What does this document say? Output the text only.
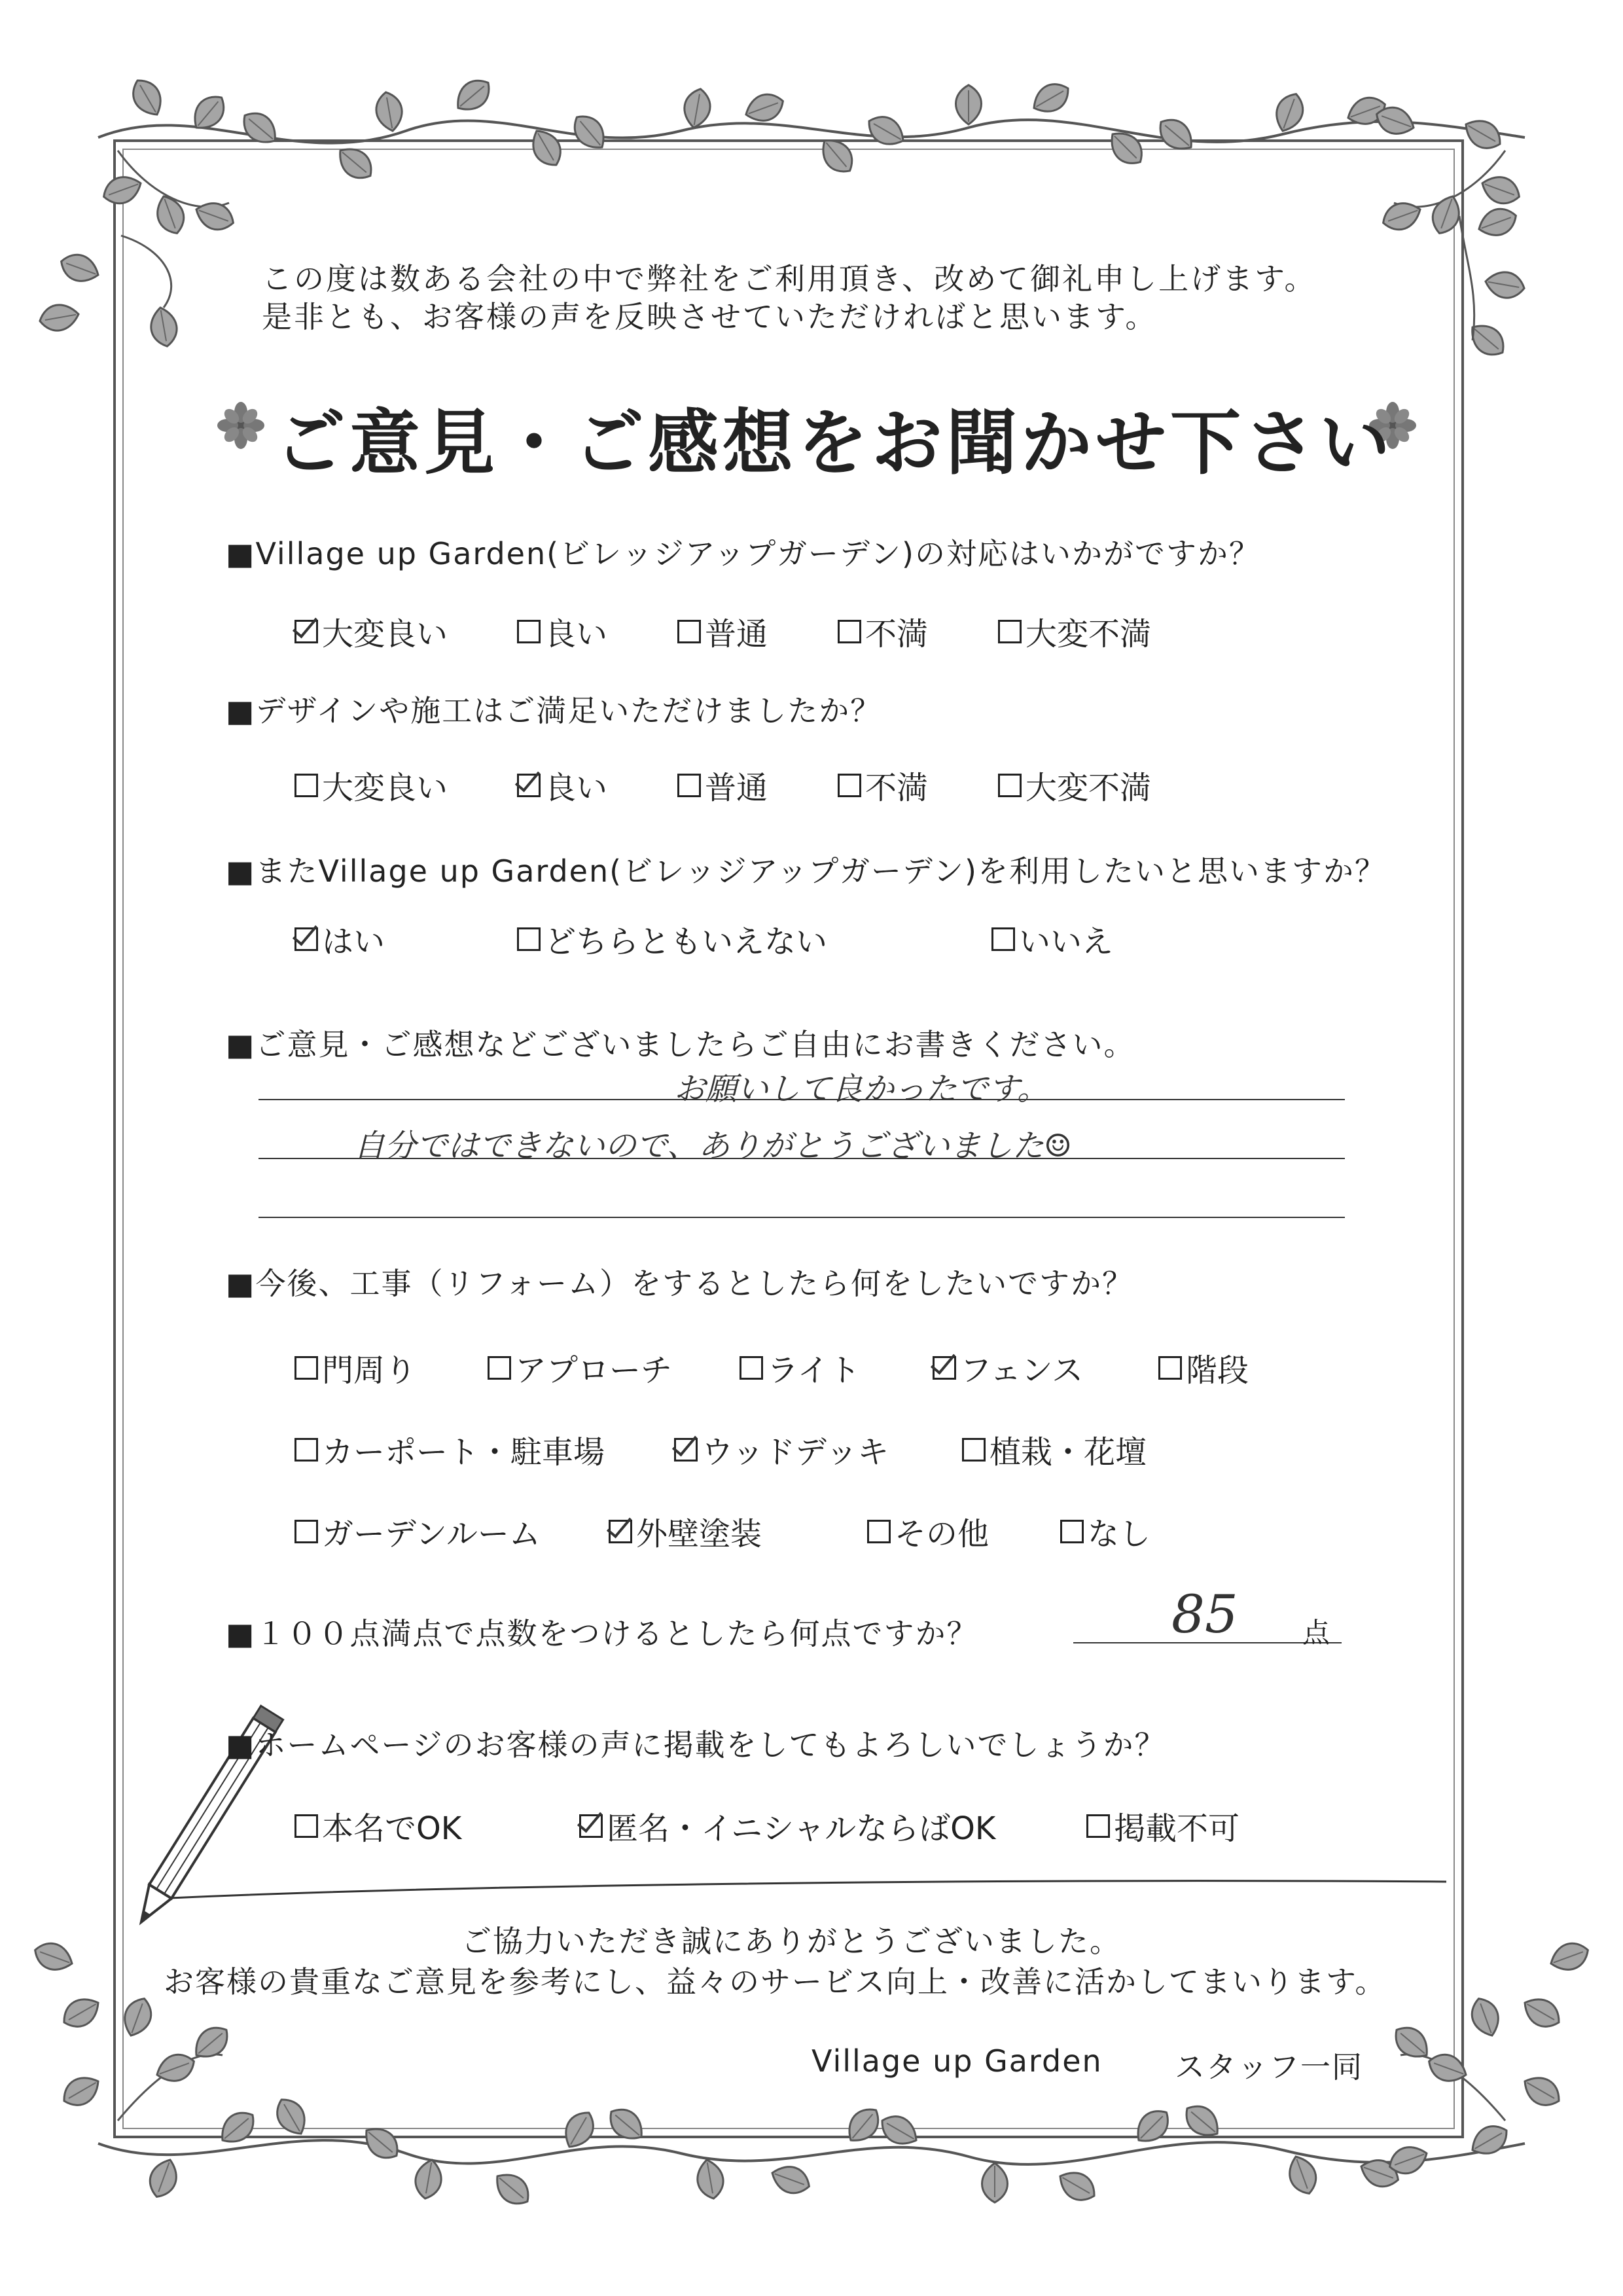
この度は数ある会社の中で弊社をご利用頂き、改めて御礼申し上げます。
是非とも、お客様の声を反映させていただければと思います。
ご意見・ご感想をお聞かせ下さい
■Village up Garden(ビレッジアップガーデン)の対応はいかがですか？
大変良い	良い	普通	不満	大変不満
■デザインや施工はご満足いただけましたか？
大変良い	良い	普通	不満	大変不満
■またVillage up Garden(ビレッジアップガーデン)を利用したいと思いますか？
はい	どちらともいえない	いいえ
■ご意見・ご感想などございましたらご自由にお書きください。
お願いして良かったです。
自分ではできないので、ありがとうございました☺
■今後、工事（リフォーム）をするとしたら何をしたいですか？
門周り	アプローチ	ライト	フェンス	階段
カーポート・駐車場	ウッドデッキ	植栽・花壇
ガーデンルーム	外壁塗装	その他	なし
■１００点満点で点数をつけるとしたら何点ですか？	85 点
■ホームページのお客様の声に掲載をしてもよろしいでしょうか？
本名でOK	匿名・イニシャルならばOK	掲載不可
ご協力いただき誠にありがとうございました。
お客様の貴重なご意見を参考にし、益々のサービス向上・改善に活かしてまいります。
Village up Garden スタッフ一同
